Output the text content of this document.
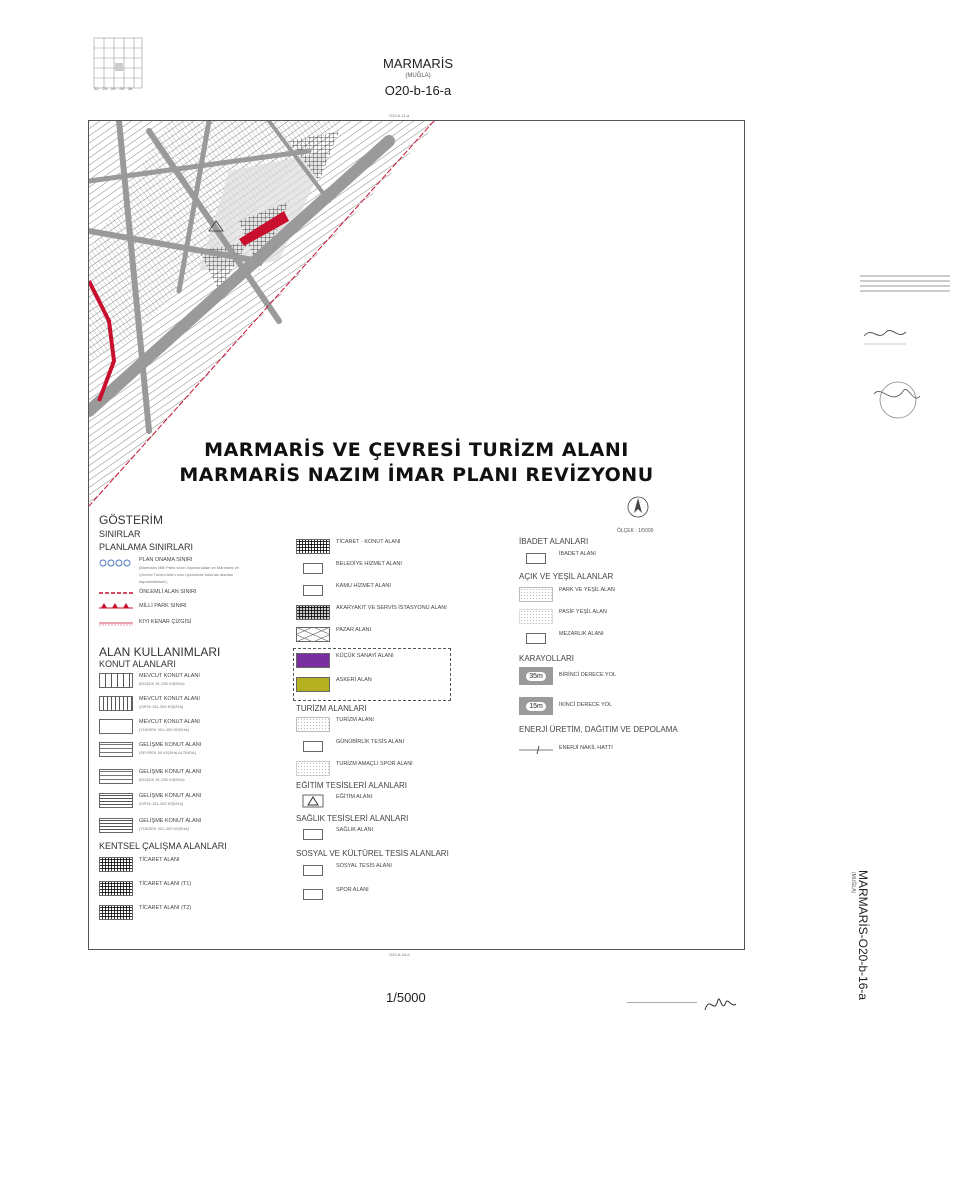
22 23 24 25 26
MARMARİS
(MUĞLA)
O20-b-16-a
O20-b-11-d
O20-b-16-d
MARMARİS VE ÇEVRESİ TURİZM ALANI
MARMARİS NAZIM İMAR PLANI REVİZYONU
ÖLÇEK : 1/5000
GÖSTERİM
SINIRLAR
PLANLAMA SINIRLARI
PLAN ONAMA SINIRI
(Marmaris Milli Parkı sınırı dışında kalan ve Marmaris ve Çevresi Turizm Alanı sınırı içerisinde bulunan alanları kapsamaktadır.)
ÖNLEMLİ ALAN SINIRI
MİLLİ PARK SINIRI
KIYI KENAR ÇİZGİSİ
ALAN KULLANIMLARI
KONUT ALANLARI
MEVCUT KONUT ALANI
(DÜŞÜK 51-150 KİŞİ/HA)
MEVCUT KONUT ALANI
(ORTA 151-300 KİŞİ/HA)
MEVCUT KONUT ALANI
(YÜKSEK 301-400 KİŞİ/HA)
GELİŞME KONUT ALANI
(SEYREK 50 KİŞİ/HA ALTINDA)
GELİŞME KONUT ALANI
(DÜŞÜK 51-150 KİŞİ/HA)
GELİŞME KONUT ALANI
(ORTA 151-300 KİŞİ/HA)
GELİŞME KONUT ALANI
(YÜKSEK 301-400 KİŞİ/HA)
KENTSEL ÇALIŞMA ALANLARI
TİCARET ALANI
TİCARET ALANI (T1)
TİCARET ALANI (T2)
TİCARET - KONUT ALANI
BELEDİYE HİZMET ALANI
KAMU HİZMET ALANI
AKARYAKIT VE SERVİS İSTASYONU ALANI
PAZAR ALANI
KÜÇÜK SANAYİ ALANI
ASKERİ ALAN
TURİZM ALANLARI
TURİZM ALANI
GÜNÜBİRLİK TESİS ALANI
TURİZM AMAÇLI SPOR ALANI
EĞİTİM TESİSLERİ ALANLARI
EĞİTİM ALANI
SAĞLIK TESİSLERİ ALANLARI
SAĞLIK ALANI
SOSYAL VE KÜLTÜREL TESİS ALANLARI
SOSYAL TESİS ALANI
SPOR ALANI
İBADET ALANLARI
İBADET ALANI
AÇIK VE YEŞİL ALANLAR
PARK VE YEŞİL ALAN
PASİF YEŞİL ALAN
MEZARLIK ALANI
KARAYOLLARI
35m	BİRİNCİ DERECE YOL
15m	İKİNCİ DERECE YOL
ENERJİ ÜRETİM, DAĞITIM VE DEPOLAMA
ENERJİ NAKİL HATTI
1/5000	MARMARİS-O20-b-16-a
(MUĞLA)
